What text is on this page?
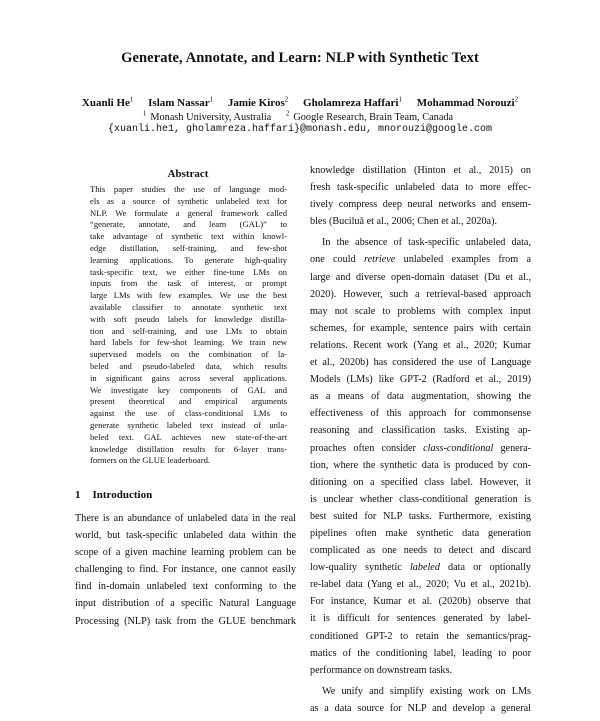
Generate, Annotate, and Learn: NLP with Synthetic Text
Xuanli He$^1$ Islam Nassar$^1$ Jamie Kiros$^2$ Gholamreza Haffari$^1$ Mohammad Norouzi$^2$
$^1$ Monash University, Australia $^2$ Google Research, Brain Team, Canada
{xuanli.he1, gholamreza.haffari}@monash.edu, mnorouzi@google.com
Abstract
This paper studies the use of language mod-
els as a source of synthetic unlabeled text for
NLP. We formulate a general framework called
“generate, annotate, and learn (GAL)” to
take advantage of synthetic text within knowl-
edge distillation, self-training, and few-shot
learning applications. To generate high-quality
task-specific text, we either fine-tune LMs on
inputs from the task of interest, or prompt
large LMs with few examples. We use the best
available classifier to annotate synthetic text
with soft pseudo labels for knowledge distilla-
tion and self-training, and use LMs to obtain
hard labels for few-shot learning. We train new
supervised models on the combination of la-
beled and pseudo-labeled data, which results
in significant gains across several applications.
We investigate key components of GAL and
present theoretical and empirical arguments
against the use of class-conditional LMs to
generate synthetic labeled text instead of unla-
beled text. GAL achieves new state-of-the-art
knowledge distillation results for 6-layer trans-
formers on the GLUE leaderboard.
1 Introduction
There is an abundance of unlabeled data in the real
world, but task-specific unlabeled data within the
scope of a given machine learning problem can be
challenging to find. For instance, one cannot easily
find in-domain unlabeled text conforming to the
input distribution of a specific Natural Language
Processing (NLP) task from the GLUE benchmark
knowledge distillation (Hinton et al., 2015) on
fresh task-specific unlabeled data to more effec-
tively compress deep neural networks and ensem-
bles (Buciluǎ et al., 2006; Chen et al., 2020a).
In the absence of task-specific unlabeled data,
one could retrieve unlabeled examples from a
large and diverse open-domain dataset (Du et al.,
2020). However, such a retrieval-based approach
may not scale to problems with complex input
schemes, for example, sentence pairs with certain
relations. Recent work (Yang et al., 2020; Kumar
et al., 2020b) has considered the use of Language
Models (LMs) like GPT-2 (Radford et al., 2019)
as a means of data augmentation, showing the
effectiveness of this approach for commonsense
reasoning and classification tasks. Existing ap-
proaches often consider class-conditional genera-
tion, where the synthetic data is produced by con-
ditioning on a specified class label. However, it
is unclear whether class-conditional generation is
best suited for NLP tasks. Furthermore, existing
pipelines often make synthetic data generation
complicated as one needs to detect and discard
low-quality synthetic labeled data or optionally
re-label data (Yang et al., 2020; Vu et al., 2021b).
For instance, Kumar et al. (2020b) observe that
it is difficult for sentences generated by label-
conditioned GPT-2 to retain the semantics/prag-
matics of the conditioning label, leading to poor
performance on downstream tasks.
We unify and simplify existing work on LMs
as a data source for NLP and develop a general
